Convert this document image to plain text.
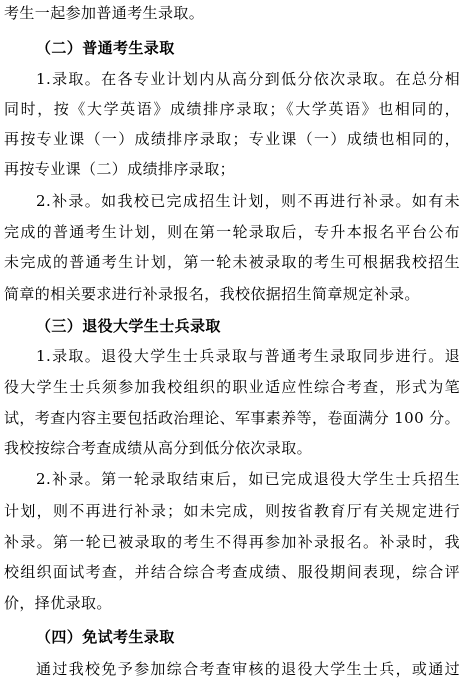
考生一起参加普通考生录取。
（二）普通考生录取
1.录取。在各专业计划内从高分到低分依次录取。在总分相
同时，按《大学英语》成绩排序录取；《大学英语》也相同的，
再按专业课（一）成绩排序录取；专业课（一）成绩也相同的，
再按专业课（二）成绩排序录取；
2.补录。如我校已完成招生计划，则不再进行补录。如有未
完成的普通考生计划，则在第一轮录取后，专升本报名平台公布
未完成的普通考生计划，第一轮未被录取的考生可根据我校招生
简章的相关要求进行补录报名，我校依据招生简章规定补录。
（三）退役大学生士兵录取
1.录取。退役大学生士兵录取与普通考生录取同步进行。退
役大学生士兵须参加我校组织的职业适应性综合考查，形式为笔
试，考查内容主要包括政治理论、军事素养等，卷面满分 100 分。
我校按综合考查成绩从高分到低分依次录取。
2.补录。第一轮录取结束后，如已完成退役大学生士兵招生
计划，则不再进行补录；如未完成，则按省教育厅有关规定进行
补录。第一轮已被录取的考生不得再参加补录报名。补录时，我
校组织面试考查，并结合综合考查成绩、服役期间表现，综合评
价，择优录取。
（四）免试考生录取
通过我校免予参加综合考查审核的退役大学生士兵，或通过
